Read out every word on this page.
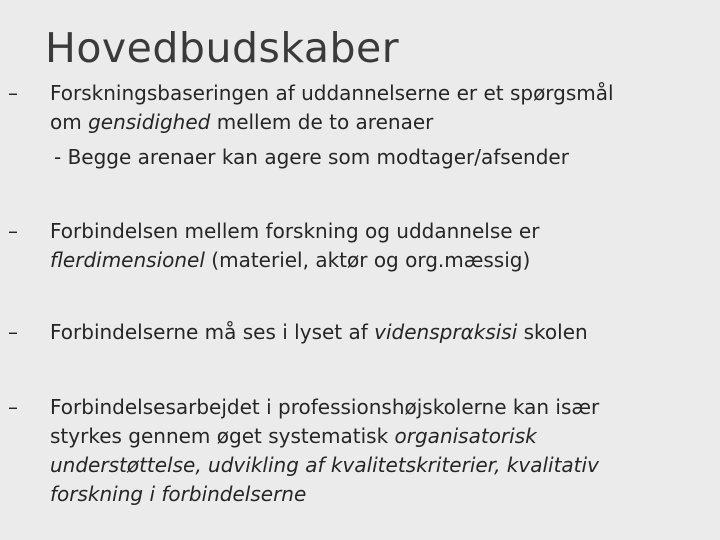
Hovedbudskaber
–	Forskningsbaseringen af uddannelserne er et spørgsmål
om gensidighed mellem de to arenaer
- Begge arenaer kan agere som modtager/afsender
–	Forbindelsen mellem forskning og uddannelse er
flerdimensionel (materiel, aktør og org.mæssig)
–	Forbindelserne må ses i lyset af vidensprαksisi skolen
–	Forbindelsesarbejdet i professionshøjskolerne kan især
styrkes gennem øget systematisk organisatorisk
understøttelse, udvikling af kvalitetskriterier, kvalitativ
forskning i forbindelserne
